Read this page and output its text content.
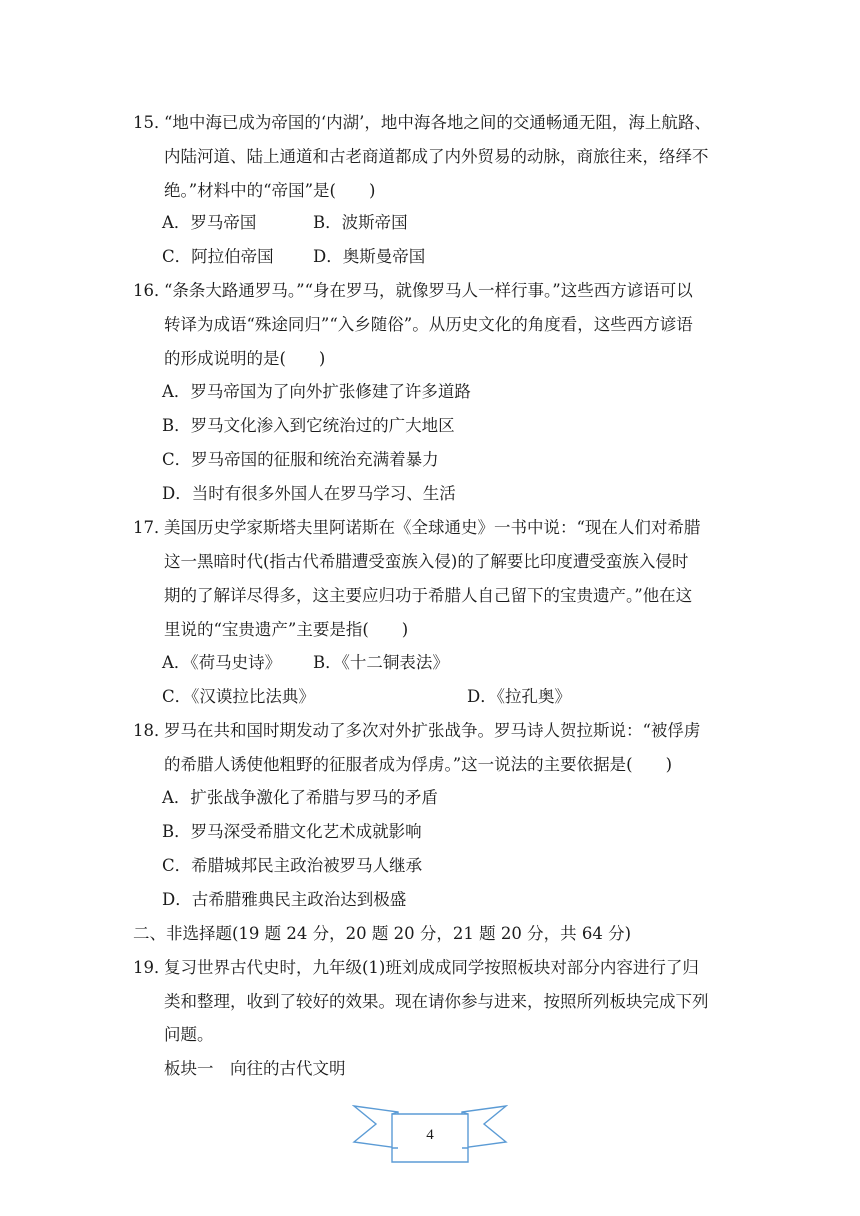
15．
“地中海已成为帝国的‘内湖’，地中海各地之间的交通畅通无阻，海上航路、
内陆河道、陆上通道和古老商道都成了内外贸易的动脉，商旅往来，络绎不
绝。”材料中的“帝国”是(　　)
A．罗马帝国	B．波斯帝国
C．阿拉伯帝国 D．奥斯曼帝国
16．
“条条大路通罗马。”“身在罗马，就像罗马人一样行事。”这些西方谚语可以
转译为成语“殊途同归”“入乡随俗”。从历史文化的角度看，这些西方谚语
的形成说明的是(　　)
A．罗马帝国为了向外扩张修建了许多道路
B．罗马文化渗入到它统治过的广大地区
C．罗马帝国的征服和统治充满着暴力
D．当时有很多外国人在罗马学习、生活
17．
美国历史学家斯塔夫里阿诺斯在《全球通史》一书中说：“现在人们对希腊
这一黑暗时代(指古代希腊遭受蛮族入侵)的了解要比印度遭受蛮族入侵时
期的了解详尽得多，这主要应归功于希腊人自己留下的宝贵遗产。”他在这
里说的“宝贵遗产”主要是指(　　)
A．《荷马史诗》 B．《十二铜表法》
C．《汉谟拉比法典》	D．《拉孔奥》
18．
罗马在共和国时期发动了多次对外扩张战争。罗马诗人贺拉斯说：“被俘虏
的希腊人诱使他粗野的征服者成为俘虏。”这一说法的主要依据是(　　)
A．扩张战争激化了希腊与罗马的矛盾
B．罗马深受希腊文化艺术成就影响
C．希腊城邦民主政治被罗马人继承
D．古希腊雅典民主政治达到极盛
二、非选择题(19 题 24 分，20 题 20 分，21 题 20 分，共 64 分)
19．
复习世界古代史时，九年级(1)班刘成成同学按照板块对部分内容进行了归
类和整理，收到了较好的效果。现在请你参与进来，按照所列板块完成下列
问题。
板块一　向往的古代文明
4
